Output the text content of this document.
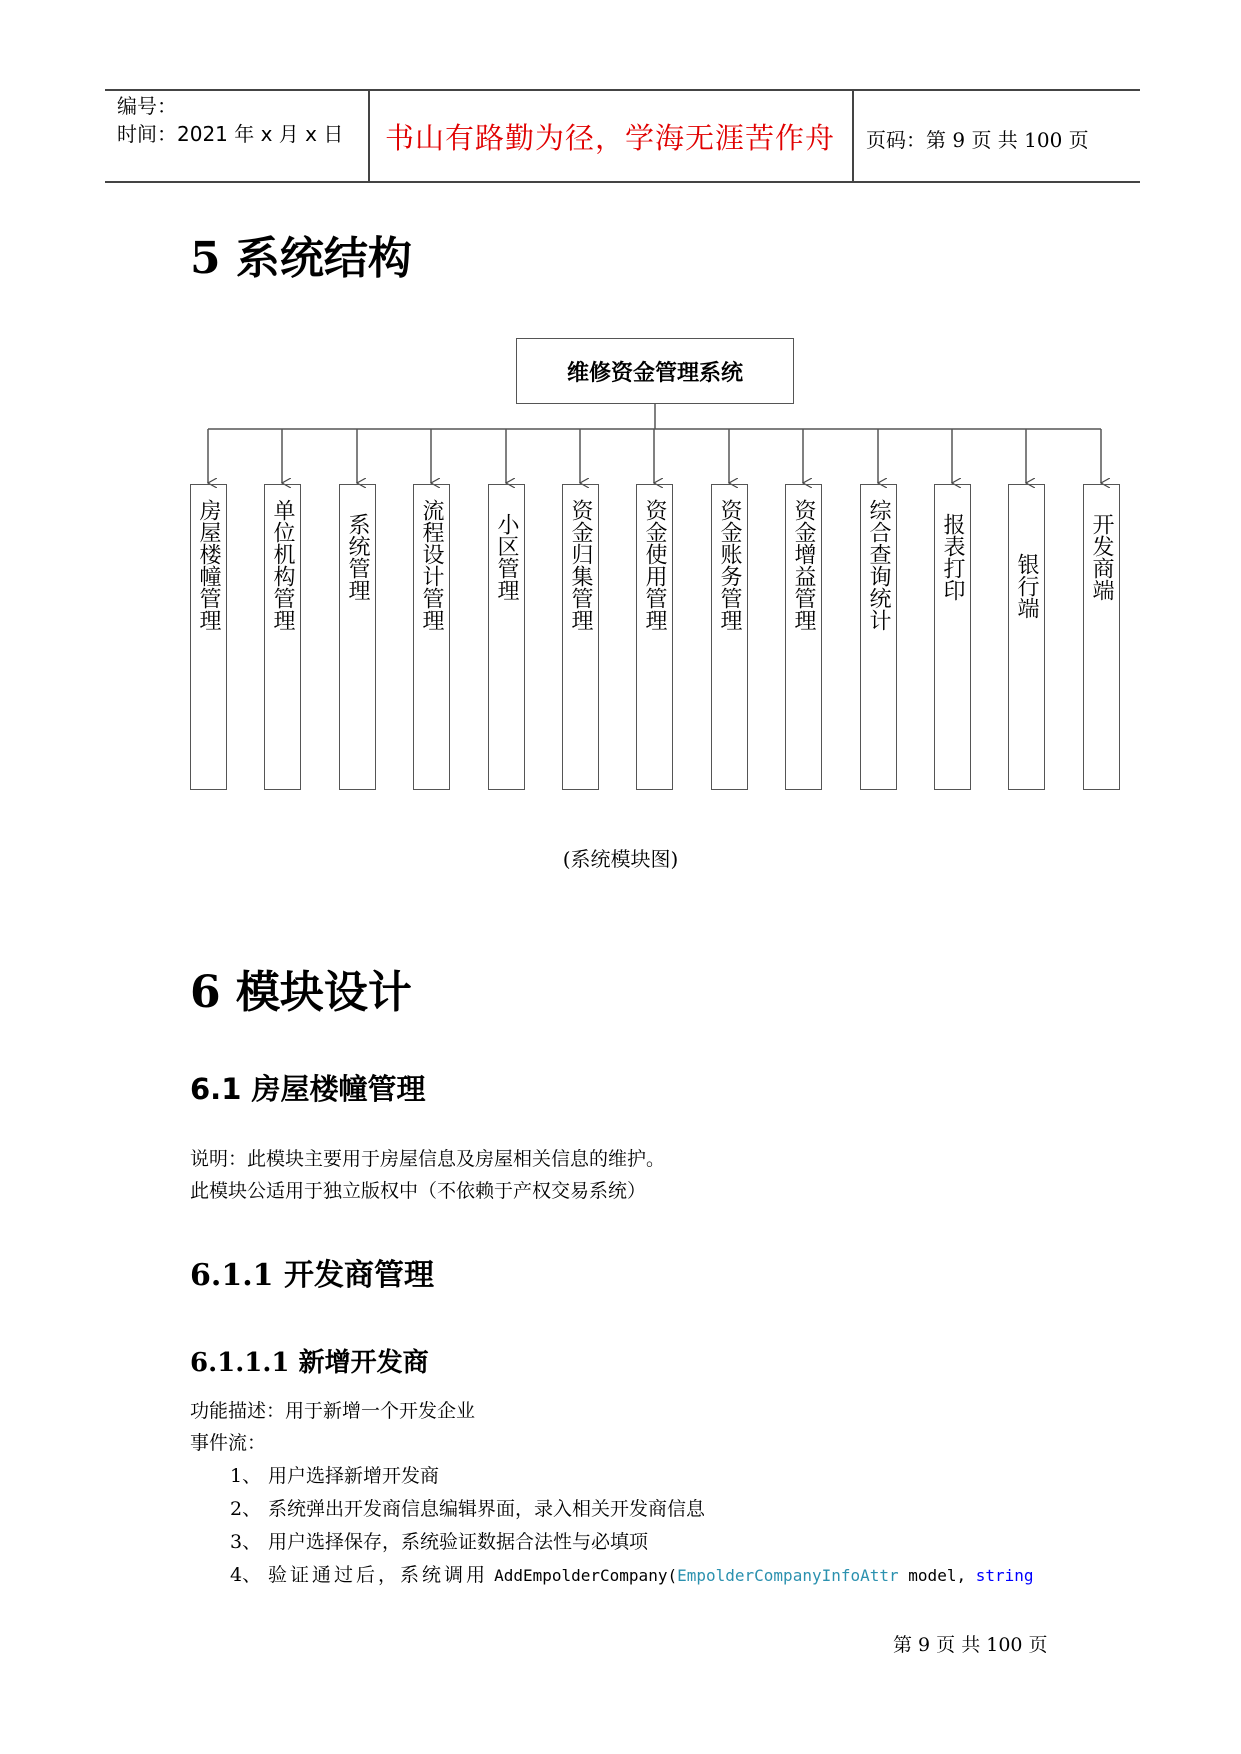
编号：
时间：2021 年 x 月 x 日	书山有路勤为径，学海无涯苦作舟	页码：第 9 页 共 100 页
5 系统结构
维修资金管理系统
房屋楼幢管理 单位机构管理 系统管理 流程设计管理 小区管理 资金归集管理 资金使用管理 资金账务管理 资金增益管理 综合查询统计 报表打印 银行端 开发商端
(系统模块图)
6 模块设计
6.1 房屋楼幢管理
说明：此模块主要用于房屋信息及房屋相关信息的维护。
此模块公适用于独立版权中（不依赖于产权交易系统）
6.1.1 开发商管理
6.1.1.1 新增开发商
功能描述：用于新增一个开发企业
事件流：
1、 用户选择新增开发商
2、 系统弹出开发商信息编辑界面，录入相关开发商信息
3、 用户选择保存，系统验证数据合法性与必填项
4、 验证通过后，系统调用 AddEmpolderCompany(EmpolderCompanyInfoAttr model, string
第 9 页 共 100 页
